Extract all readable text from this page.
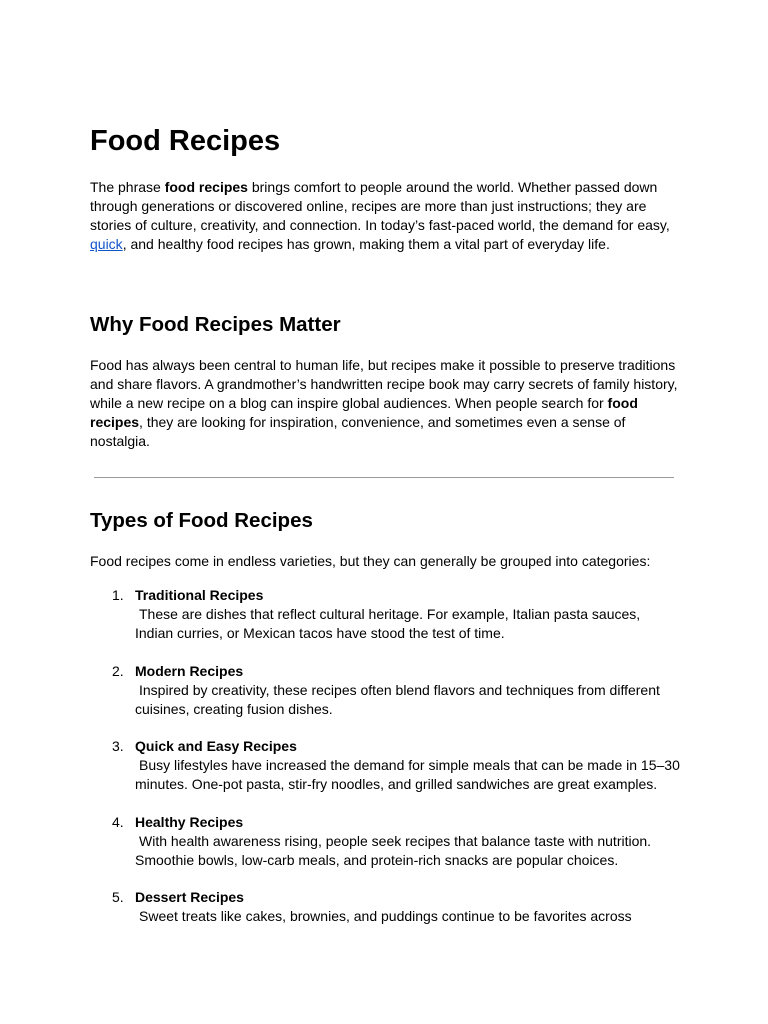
Food Recipes

The phrase food recipes brings comfort to people around the world. Whether passed down through generations or discovered online, recipes are more than just instructions; they are stories of culture, creativity, and connection. In today’s fast-paced world, the demand for easy, quick, and healthy food recipes has grown, making them a vital part of everyday life.

Why Food Recipes Matter

Food has always been central to human life, but recipes make it possible to preserve traditions and share flavors. A grandmother’s handwritten recipe book may carry secrets of family history, while a new recipe on a blog can inspire global audiences. When people search for food recipes, they are looking for inspiration, convenience, and sometimes even a sense of nostalgia.

Types of Food Recipes

Food recipes come in endless varieties, but they can generally be grouped into categories:

1. Traditional Recipes
These are dishes that reflect cultural heritage. For example, Italian pasta sauces, Indian curries, or Mexican tacos have stood the test of time.
2. Modern Recipes
Inspired by creativity, these recipes often blend flavors and techniques from different cuisines, creating fusion dishes.
3. Quick and Easy Recipes
Busy lifestyles have increased the demand for simple meals that can be made in 15–30 minutes. One-pot pasta, stir-fry noodles, and grilled sandwiches are great examples.
4. Healthy Recipes
With health awareness rising, people seek recipes that balance taste with nutrition. Smoothie bowls, low-carb meals, and protein-rich snacks are popular choices.
5. Dessert Recipes
Sweet treats like cakes, brownies, and puddings continue to be favorites across
